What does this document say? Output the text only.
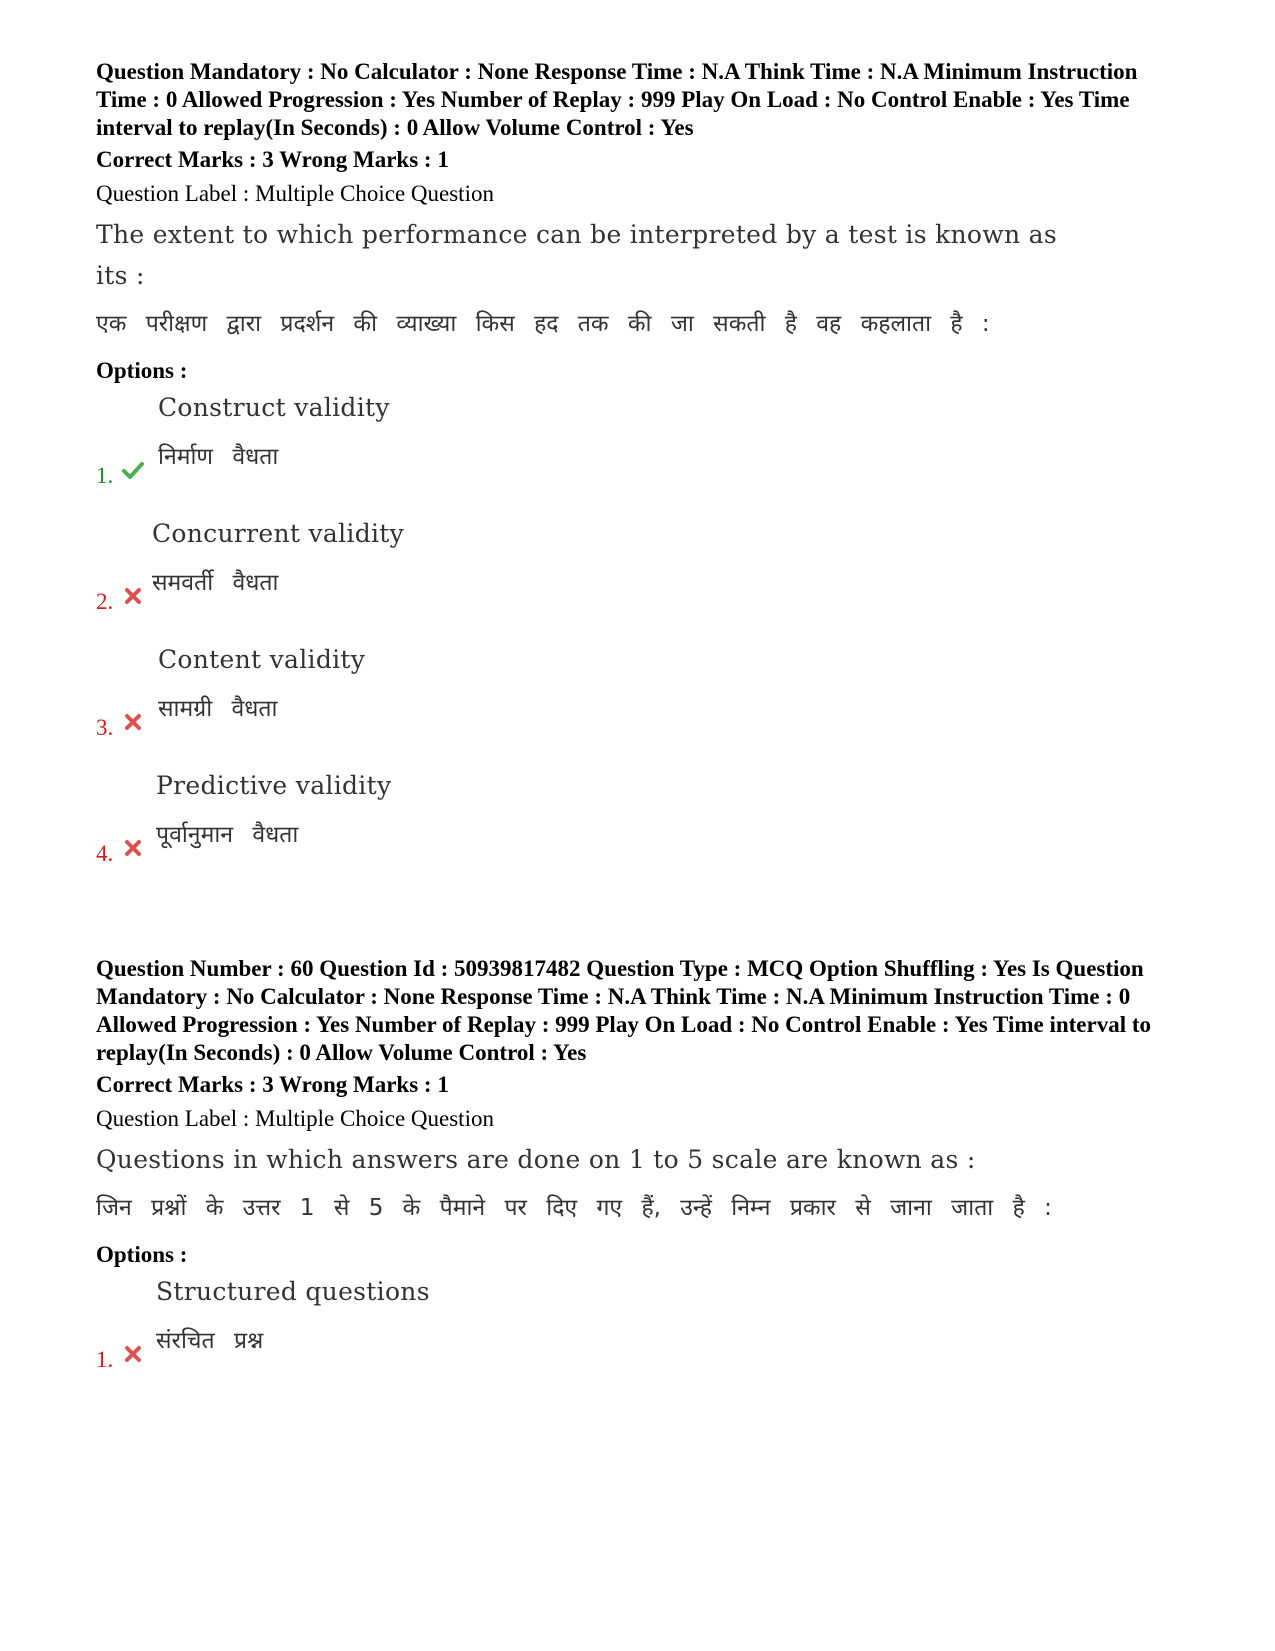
Question Mandatory : No Calculator : None Response Time : N.A Think Time : N.A Minimum Instruction Time : 0 Allowed Progression : Yes Number of Replay : 999 Play On Load : No Control Enable : Yes Time interval to replay(In Seconds) : 0 Allow Volume Control : Yes

Correct Marks : 3 Wrong Marks : 1
Question Label : Multiple Choice Question
The extent to which performance can be interpreted by a test is known as its :
एक परीक्षण द्वारा प्रदर्शन की व्याख्या किस हद तक की जा सकती है वह कहलाता है :
Options :
Construct validity
निर्माण वैधता
1.
Concurrent validity
समवर्ती वैधता
2.
Content validity
सामग्री वैधता
3.
Predictive validity
पूर्वानुमान वैधता
4.

Question Number : 60 Question Id : 50939817482 Question Type : MCQ Option Shuffling : Yes Is Question Mandatory : No Calculator : None Response Time : N.A Think Time : N.A Minimum Instruction Time : 0 Allowed Progression : Yes Number of Replay : 999 Play On Load : No Control Enable : Yes Time interval to replay(In Seconds) : 0 Allow Volume Control : Yes

Correct Marks : 3 Wrong Marks : 1
Question Label : Multiple Choice Question
Questions in which answers are done on 1 to 5 scale are known as :
जिन प्रश्नों के उत्तर 1 से 5 के पैमाने पर दिए गए हैं, उन्हें निम्न प्रकार से जाना जाता है :
Options :
Structured questions
संरचित प्रश्न
1.
